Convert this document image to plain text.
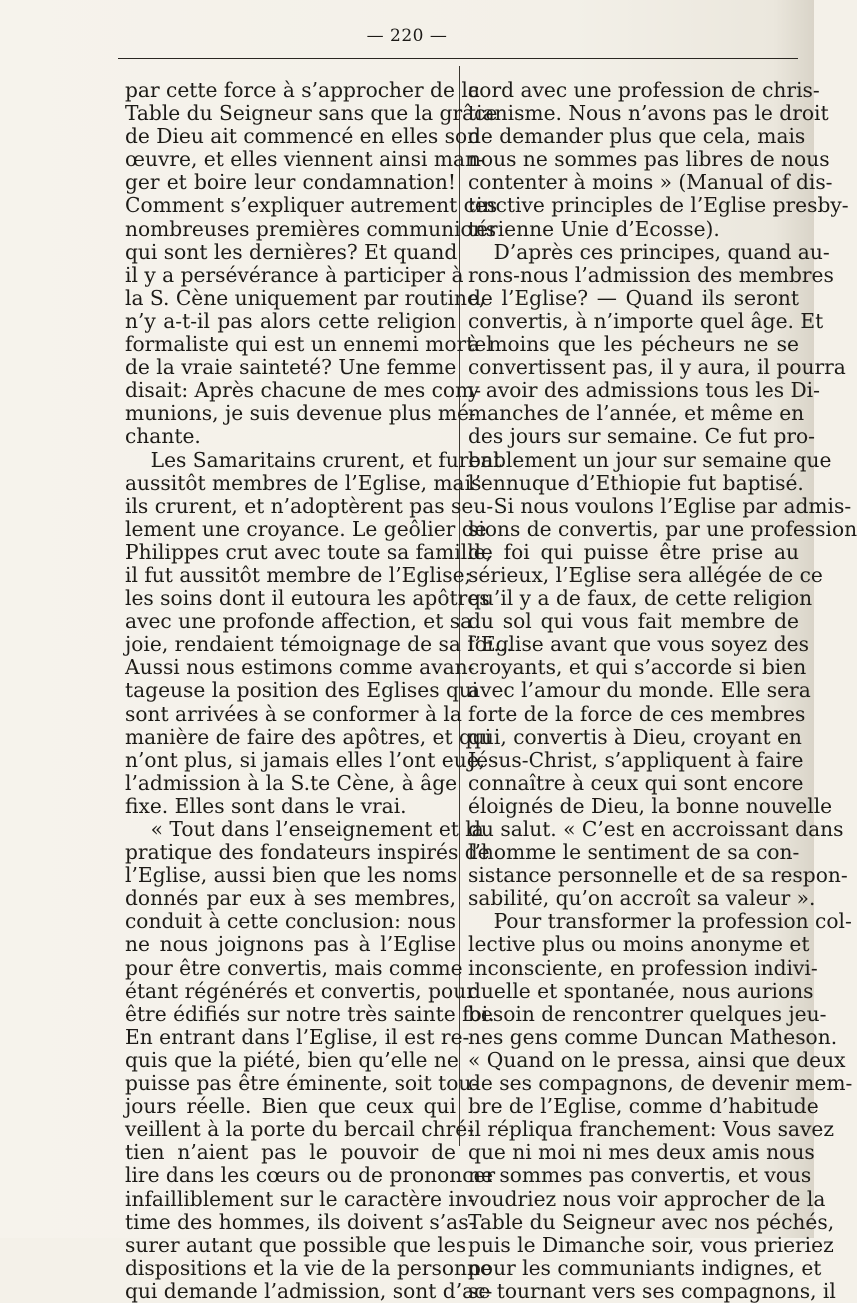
— 220 —
par cette force à s’approcher de la
Table du Seigneur sans que la grâce
de Dieu ait commencé en elles son
œuvre, et elles viennent ainsi man-
ger et boire leur condamnation!
Comment s’expliquer autrement ces
nombreuses premières communions
qui sont les dernières? Et quand
il y a persévérance à participer à
la S. Cène uniquement par routine,
n’y a-t-il pas alors cette religion
formaliste qui est un ennemi mortel
de la vraie sainteté? Une femme
disait: Après chacune de mes com-
munions, je suis devenue plus mé-
chante.
Les Samaritains crurent, et furent
aussitôt membres de l’Eglise, mais
ils crurent, et n’adoptèrent pas seu-
lement une croyance. Le geôlier de
Philippes crut avec toute sa famille,
il fut aussitôt membre de l’Eglise;
les soins dont il eutoura les apôtres
avec une profonde affection, et sa
joie, rendaient témoignage de sa foi...
Aussi nous estimons comme avan-
tageuse la position des Eglises qui
sont arrivées à se conformer à la
manière de faire des apôtres, et qui
n’ont plus, si jamais elles l’ont eue,
l’admission à la S.te Cène, à âge
fixe. Elles sont dans le vrai.
« Tout dans l’enseignement et la
pratique des fondateurs inspirés de
l’Eglise, aussi bien que les noms
donnés par eux à ses membres,
conduit à cette conclusion: nous
ne nous joignons pas à l’Eglise
pour être convertis, mais comme
étant régénérés et convertis, pour
être édifiés sur notre très sainte foi.
En entrant dans l’Eglise, il est re-
quis que la piété, bien qu’elle ne
puisse pas être éminente, soit tou-
jours réelle. Bien que ceux qui
veillent à la porte du bercail chré-
tien n’aient pas le pouvoir de
lire dans les cœurs ou de prononcer
infailliblement sur le caractère in-
time des hommes, ils doivent s’as-
surer autant que possible que les
dispositions et la vie de la personne
qui demande l’admission, sont d’ac-
cord avec une profession de chris-
tianisme. Nous n’avons pas le droit
de demander plus que cela, mais
nous ne sommes pas libres de nous
contenter à moins » (Manual of dis-
tinctive principles de l’Eglise presby-
térienne Unie d’Ecosse).
D’après ces principes, quand au-
rons-nous l’admission des membres
de l’Eglise? — Quand ils seront
convertis, à n’importe quel âge. Et
à moins que les pécheurs ne se
convertissent pas, il y aura, il pourra
y avoir des admissions tous les Di-
manches de l’année, et même en
des jours sur semaine. Ce fut pro-
bablement un jour sur semaine que
l’ennuque d’Ethiopie fut baptisé.
Si nous voulons l’Eglise par admis-
sions de convertis, par une profession
de foi qui puisse être prise au
sérieux, l’Eglise sera allégée de ce
qu’il y a de faux, de cette religion
du sol qui vous fait membre de
l’Eglise avant que vous soyez des
croyants, et qui s’accorde si bien
avec l’amour du monde. Elle sera
forte de la force de ces membres
qui, convertis à Dieu, croyant en
Jésus-Christ, s’appliquent à faire
connaître à ceux qui sont encore
éloignés de Dieu, la bonne nouvelle
du salut. « C’est en accroissant dans
l’homme le sentiment de sa con-
sistance personnelle et de sa respon-
sabilité, qu’on accroît sa valeur ».
Pour transformer la profession col-
lective plus ou moins anonyme et
inconsciente, en profession indivi-
duelle et spontanée, nous aurions
besoin de rencontrer quelques jeu-
nes gens comme Duncan Matheson.
« Quand on le pressa, ainsi que deux
de ses compagnons, de devenir mem-
bre de l’Eglise, comme d’habitude
il répliqua franchement: Vous savez
que ni moi ni mes deux amis nous
ne sommes pas convertis, et vous
voudriez nous voir approcher de la
Table du Seigneur avec nos péchés,
puis le Dimanche soir, vous prieriez
pour les communiants indignes, et
se tournant vers ses compagnons, il
